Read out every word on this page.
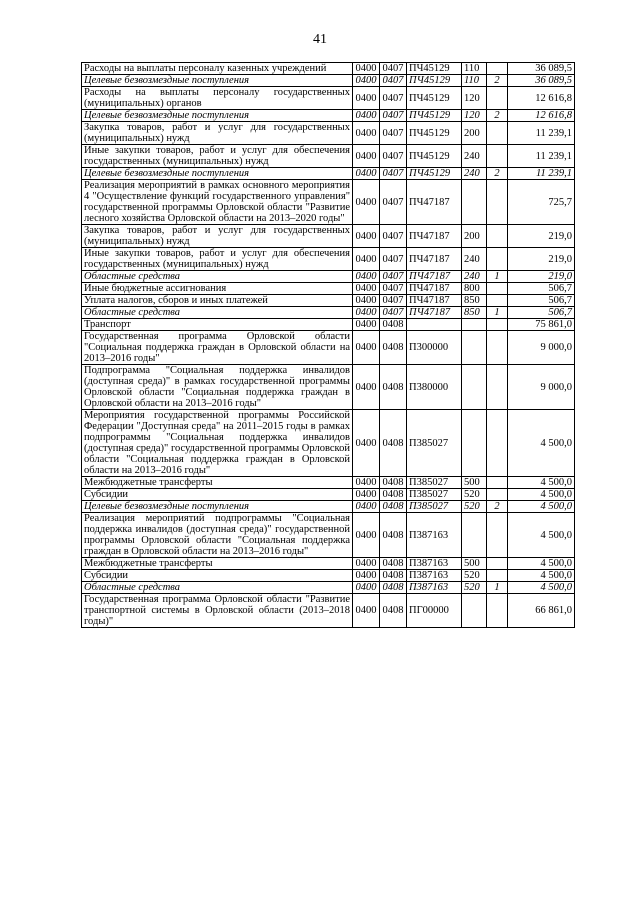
41
Расходы на выплаты персоналу казенных учреждений	0400	0407	ПЧ45129	110		36 089,5
Целевые безвозмездные поступления	0400	0407	ПЧ45129	110	2	36 089,5
Расходы на выплаты персоналу государственных (муниципальных) органов	0400	0407	ПЧ45129	120		12 616,8
Целевые безвозмездные поступления	0400	0407	ПЧ45129	120	2	12 616,8
Закупка товаров, работ и услуг для государственных (муниципальных) нужд	0400	0407	ПЧ45129	200		11 239,1
Иные закупки товаров, работ и услуг для обеспечения государственных (муниципальных) нужд	0400	0407	ПЧ45129	240		11 239,1
Целевые безвозмездные поступления	0400	0407	ПЧ45129	240	2	11 239,1
Реализация мероприятий в рамках основного мероприятия 4 "Осуществление функций государственного управления" государственной программы Орловской области "Развитие лесного хозяйства Орловской области на 2013–2020 годы"	0400	0407	ПЧ47187			725,7
Закупка товаров, работ и услуг для государственных (муниципальных) нужд	0400	0407	ПЧ47187	200		219,0
Иные закупки товаров, работ и услуг для обеспечения государственных (муниципальных) нужд	0400	0407	ПЧ47187	240		219,0
Областные средства	0400	0407	ПЧ47187	240	1	219,0
Иные бюджетные ассигнования	0400	0407	ПЧ47187	800		506,7
Уплата налогов, сборов и иных платежей	0400	0407	ПЧ47187	850		506,7
Областные средства	0400	0407	ПЧ47187	850	1	506,7
Транспорт	0400	0408				75 861,0
Государственная программа Орловской области "Социальная поддержка граждан в Орловской области на 2013–2016 годы"	0400	0408	П300000			9 000,0
Подпрограмма "Социальная поддержка инвалидов (доступная среда)" в рамках государственной программы Орловской области "Социальная поддержка граждан в Орловской области на 2013–2016 годы"	0400	0408	П380000			9 000,0
Мероприятия государственной программы Российской Федерации "Доступная среда" на 2011–2015 годы в рамках подпрограммы "Социальная поддержка инвалидов (доступная среда)" государственной программы Орловской области "Социальная поддержка граждан в Орловской области на 2013–2016 годы"	0400	0408	П385027			4 500,0
Межбюджетные трансферты	0400	0408	П385027	500		4 500,0
Субсидии	0400	0408	П385027	520		4 500,0
Целевые безвозмездные поступления	0400	0408	П385027	520	2	4 500,0
Реализация мероприятий подпрограммы "Социальная поддержка инвалидов (доступная среда)" государственной программы Орловской области "Социальная поддержка граждан в Орловской области на 2013–2016 годы"	0400	0408	П387163			4 500,0
Межбюджетные трансферты	0400	0408	П387163	500		4 500,0
Субсидии	0400	0408	П387163	520		4 500,0
Областные средства	0400	0408	П387163	520	1	4 500,0
Государственная программа Орловской области "Развитие транспортной системы в Орловской области (2013–2018 годы)"	0400	0408	ПГ00000			66 861,0
